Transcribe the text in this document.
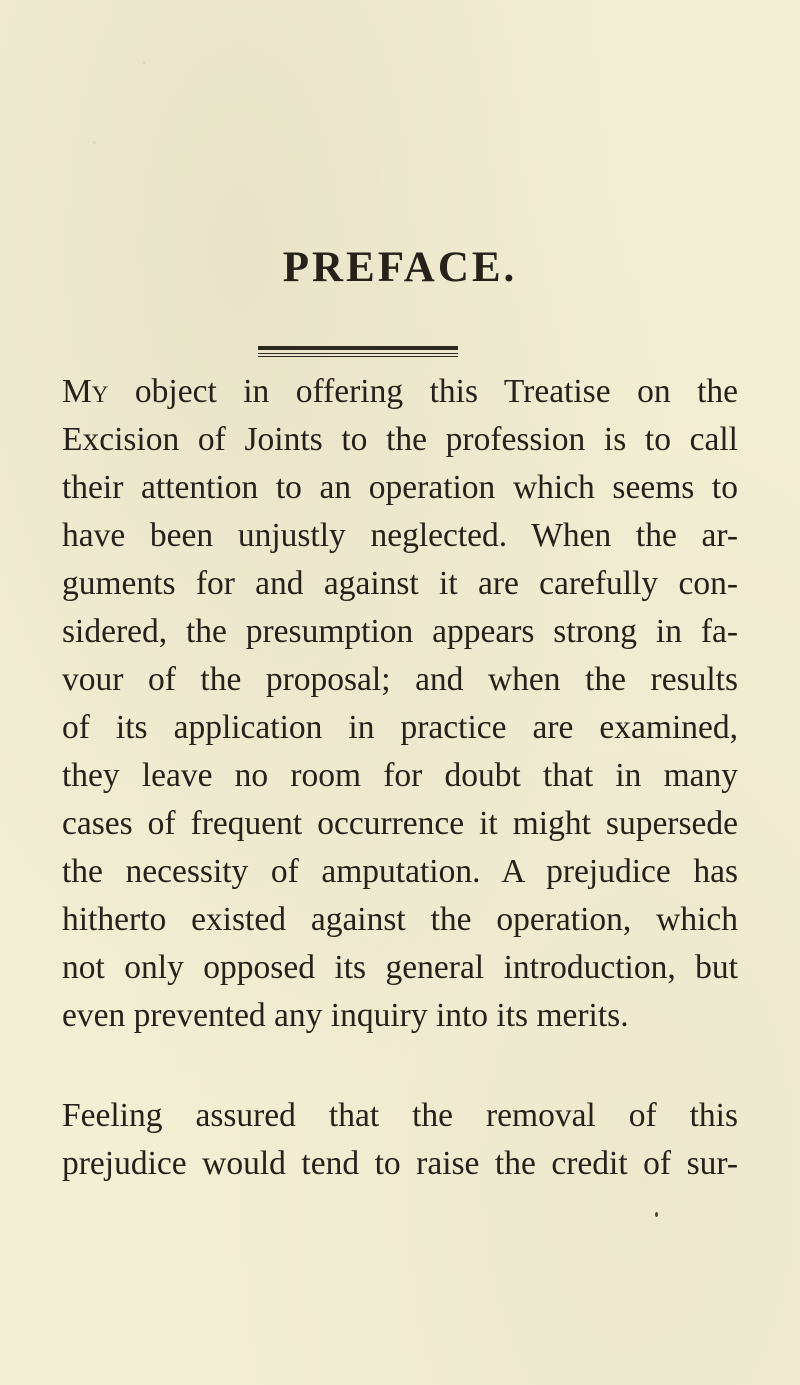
.
.
PREFACE.
My object in offering this Treatise on the
Excision of Joints to the profession is to call
their attention to an operation which seems to
have been unjustly neglected. When the ar-
guments for and against it are carefully con-
sidered, the presumption appears strong in fa-
vour of the proposal; and when the results
of its application in practice are examined,
they leave no room for doubt that in many
cases of frequent occurrence it might supersede
the necessity of amputation. A prejudice has
hitherto existed against the operation, which
not only opposed its general introduction, but
even prevented any inquiry into its merits.
Feeling assured that the removal of this
prejudice would tend to raise the credit of sur-
